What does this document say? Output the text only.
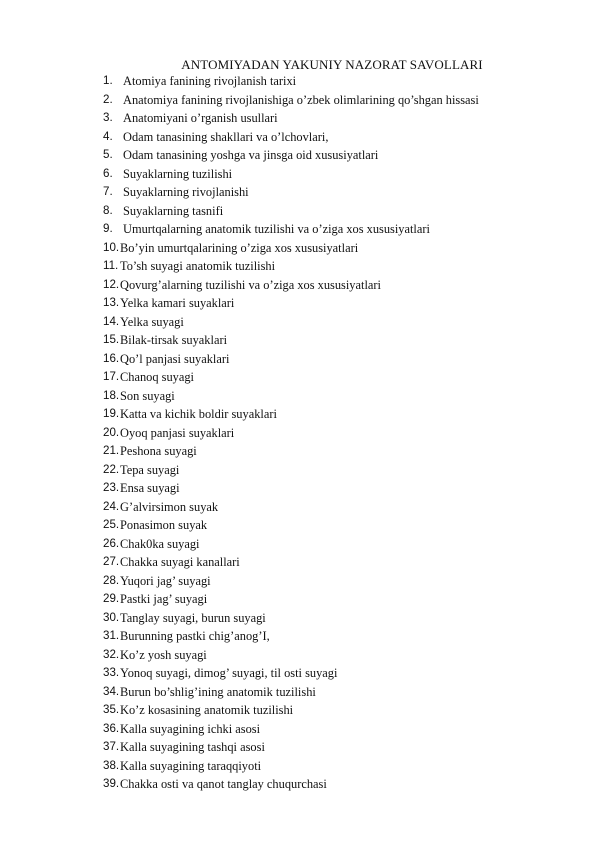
ANTOMIYADAN YAKUNIY NAZORAT SAVOLLARI
1. Atomiya fanining rivojlanish tarixi
2. Anatomiya fanining rivojlanishiga o’zbek olimlarining qo’shgan hissasi
3. Anatomiyani o’rganish usullari
4. Odam tanasining shakllari va o’lchovlari,
5. Odam tanasining yoshga va jinsga oid xususiyatlari
6. Suyaklarning tuzilishi
7. Suyaklarning rivojlanishi
8. Suyaklarning tasnifi
9. Umurtqalarning anatomik tuzilishi va o’ziga xos xususiyatlari
10. Bo’yin umurtqalarining o’ziga xos xususiyatlari
11. To’sh suyagi anatomik tuzilishi
12. Qovurg’alarning tuzilishi va o’ziga xos xususiyatlari
13. Yelka kamari suyaklari
14. Yelka suyagi
15. Bilak-tirsak suyaklari
16. Qo’l panjasi suyaklari
17. Chanoq suyagi
18. Son suyagi
19. Katta va kichik boldir suyaklari
20. Oyoq panjasi suyaklari
21. Peshona suyagi
22. Tepa suyagi
23. Ensa suyagi
24. G’alvirsimon suyak
25. Ponasimon suyak
26. Chak0ka suyagi
27. Chakka suyagi kanallari
28. Yuqori jag’ suyagi
29. Pastki jag’ suyagi
30. Tanglay suyagi, burun suyagi
31. Burunning pastki chig’anog’I,
32. Ko’z yosh suyagi
33. Yonoq suyagi, dimog’ suyagi, til osti suyagi
34. Burun bo’shlig’ining anatomik tuzilishi
35. Ko’z kosasining anatomik tuzilishi
36. Kalla suyagining ichki asosi
37. Kalla suyagining tashqi asosi
38. Kalla suyagining taraqqiyoti
39. Chakka osti va qanot tanglay chuqurchasi
